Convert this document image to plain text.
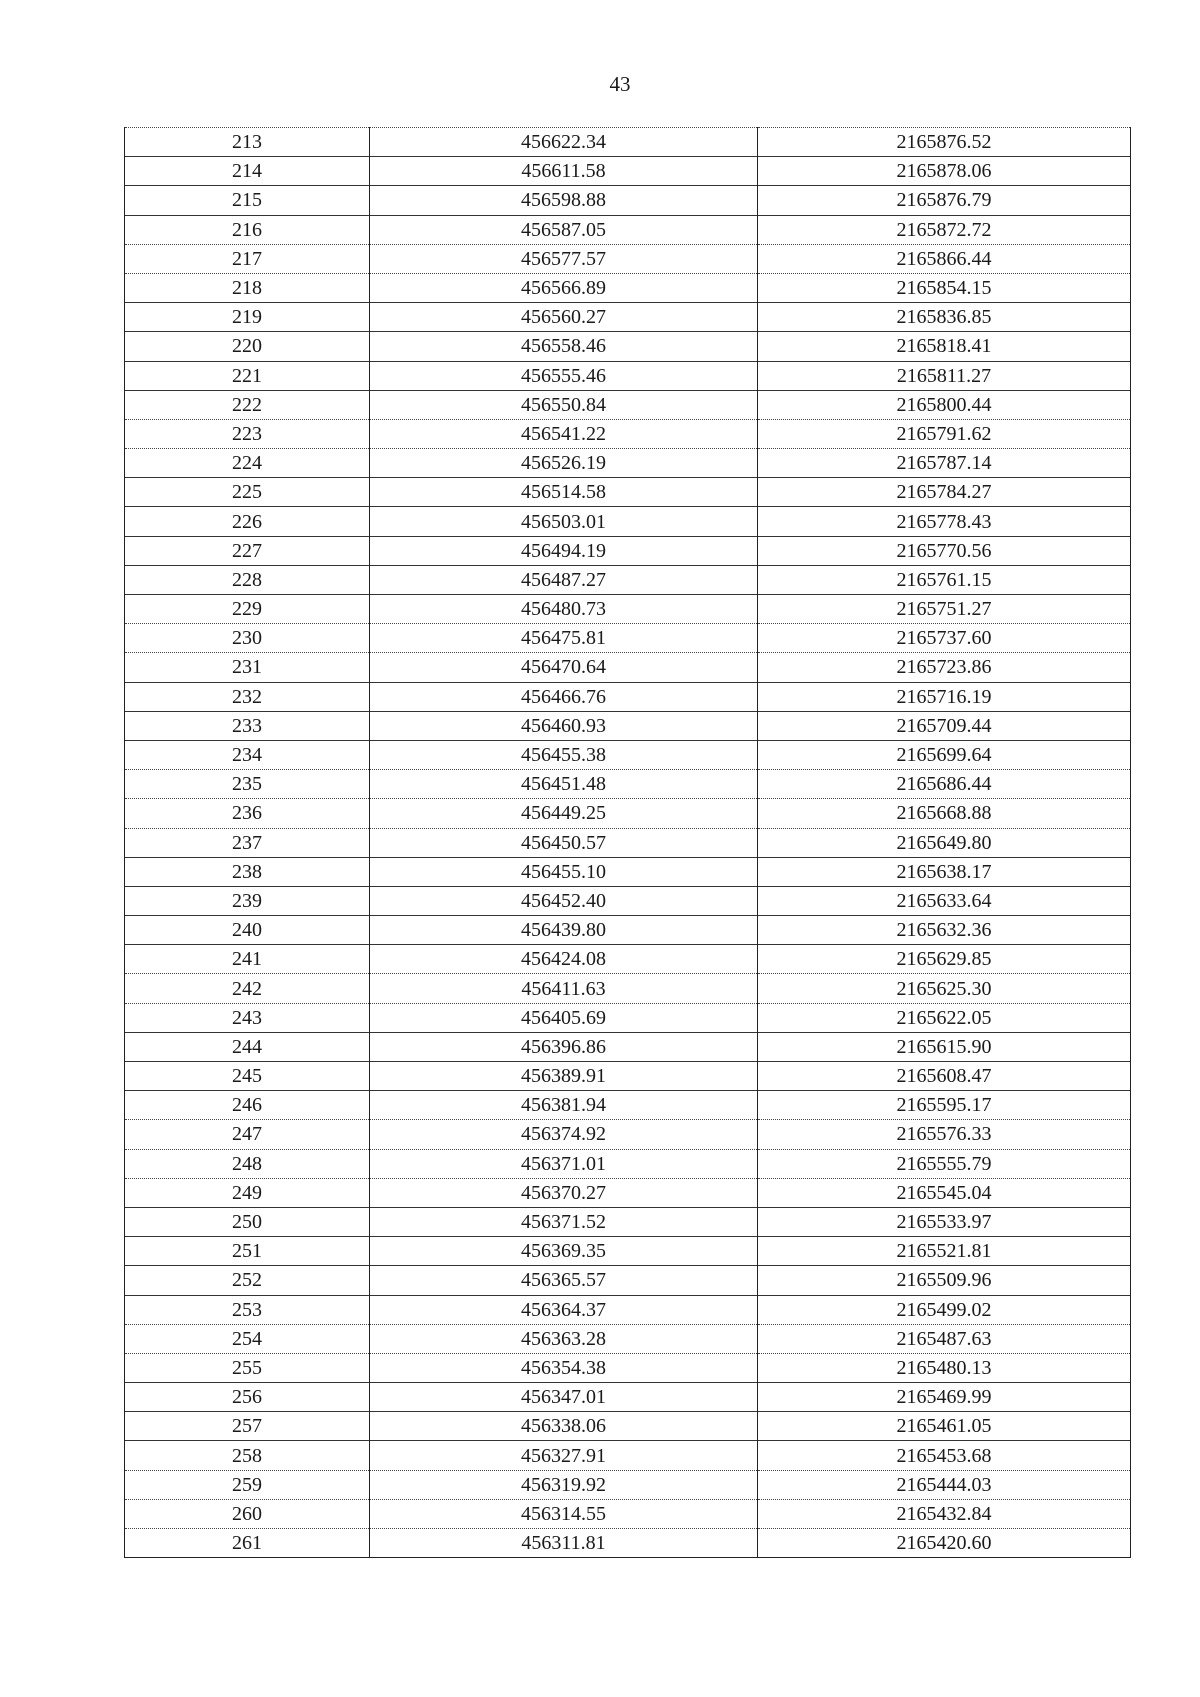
43
213	456622.34	2165876.52
214	456611.58	2165878.06
215	456598.88	2165876.79
216	456587.05	2165872.72
217	456577.57	2165866.44
218	456566.89	2165854.15
219	456560.27	2165836.85
220	456558.46	2165818.41
221	456555.46	2165811.27
222	456550.84	2165800.44
223	456541.22	2165791.62
224	456526.19	2165787.14
225	456514.58	2165784.27
226	456503.01	2165778.43
227	456494.19	2165770.56
228	456487.27	2165761.15
229	456480.73	2165751.27
230	456475.81	2165737.60
231	456470.64	2165723.86
232	456466.76	2165716.19
233	456460.93	2165709.44
234	456455.38	2165699.64
235	456451.48	2165686.44
236	456449.25	2165668.88
237	456450.57	2165649.80
238	456455.10	2165638.17
239	456452.40	2165633.64
240	456439.80	2165632.36
241	456424.08	2165629.85
242	456411.63	2165625.30
243	456405.69	2165622.05
244	456396.86	2165615.90
245	456389.91	2165608.47
246	456381.94	2165595.17
247	456374.92	2165576.33
248	456371.01	2165555.79
249	456370.27	2165545.04
250	456371.52	2165533.97
251	456369.35	2165521.81
252	456365.57	2165509.96
253	456364.37	2165499.02
254	456363.28	2165487.63
255	456354.38	2165480.13
256	456347.01	2165469.99
257	456338.06	2165461.05
258	456327.91	2165453.68
259	456319.92	2165444.03
260	456314.55	2165432.84
261	456311.81	2165420.60
